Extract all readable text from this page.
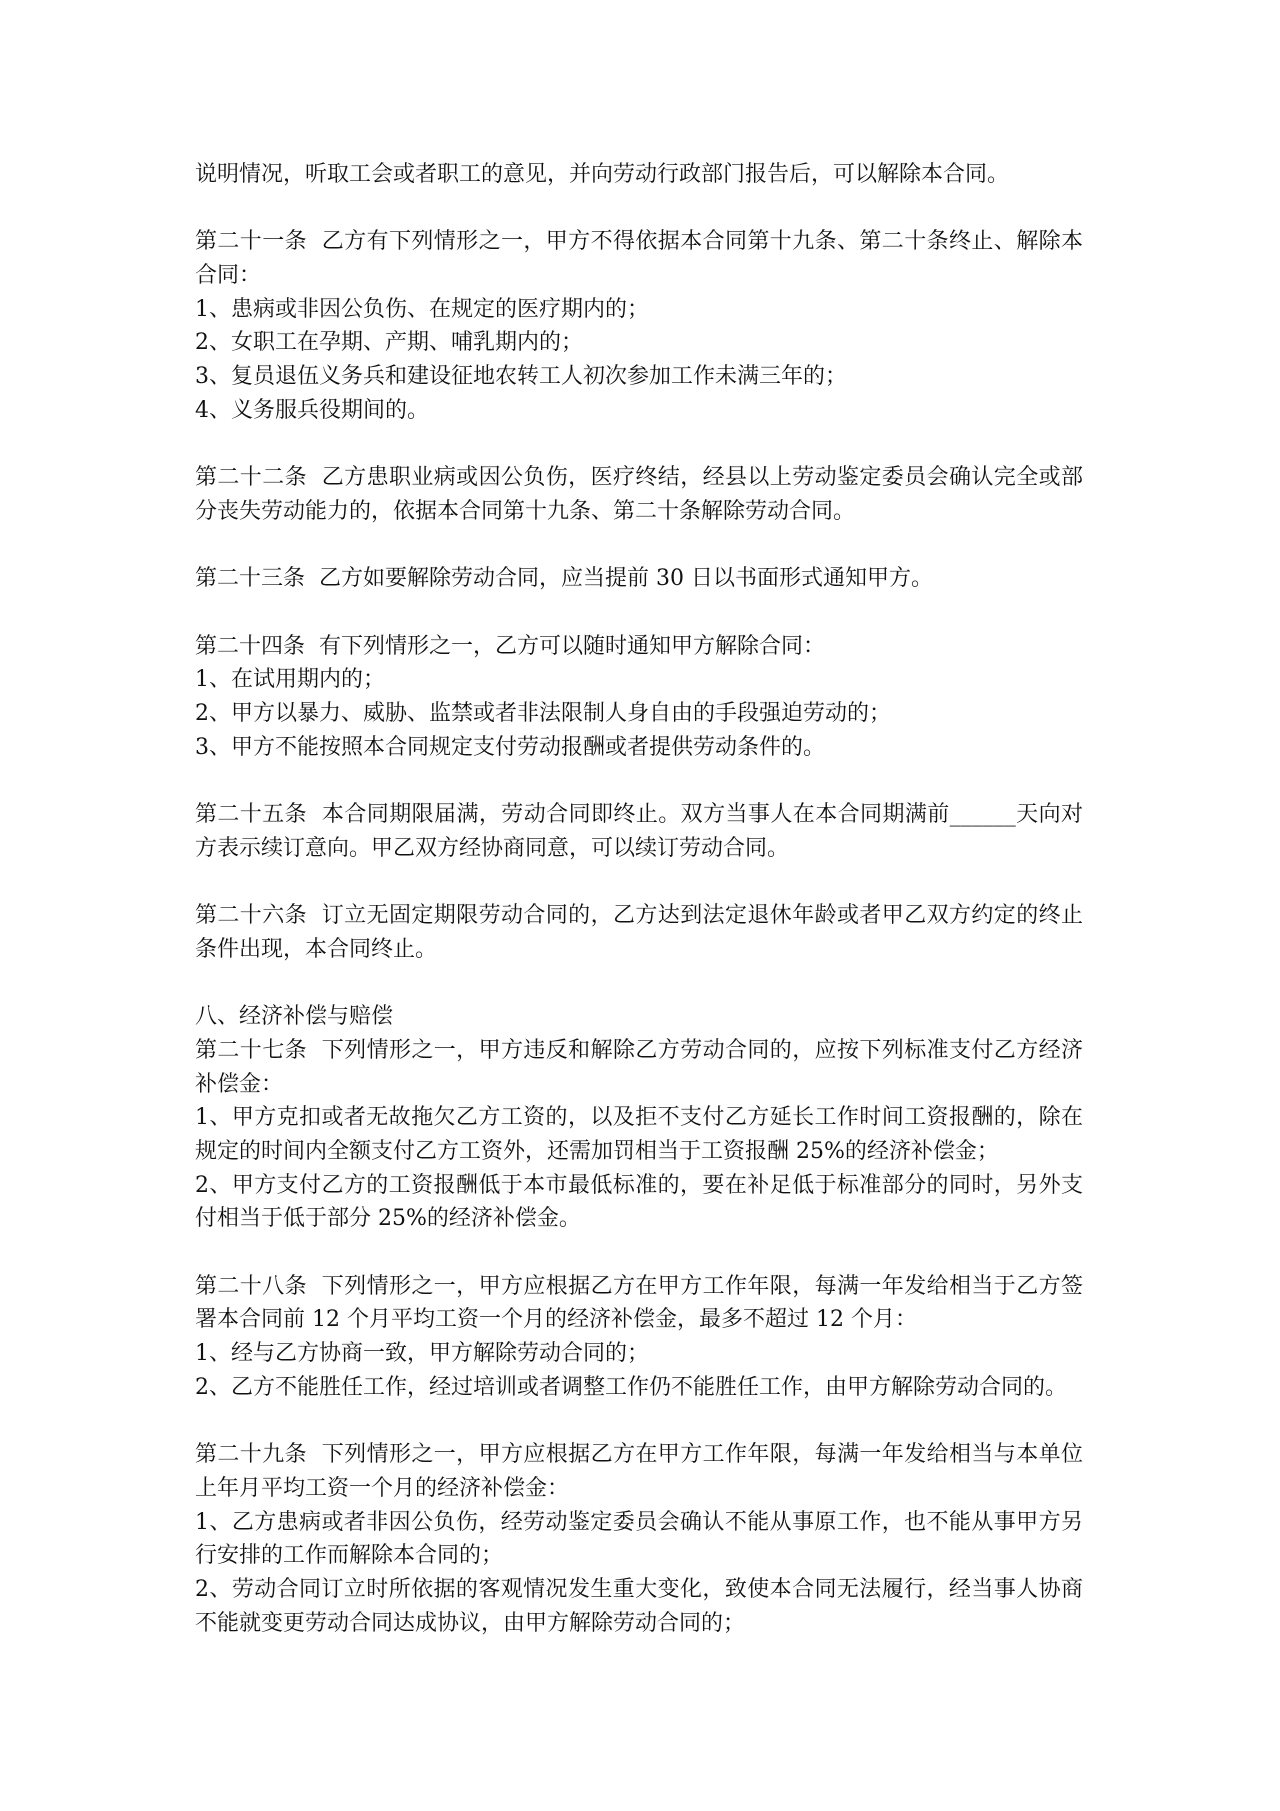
说明情况，听取工会或者职工的意见，并向劳动行政部门报告后，可以解除本合同。
第二十一条  乙方有下列情形之一，甲方不得依据本合同第十九条、第二十条终止、解除本
合同：
1、患病或非因公负伤、在规定的医疗期内的；
2、女职工在孕期、产期、哺乳期内的；
3、复员退伍义务兵和建设征地农转工人初次参加工作未满三年的；
4、义务服兵役期间的。
第二十二条  乙方患职业病或因公负伤，医疗终结，经县以上劳动鉴定委员会确认完全或部
分丧失劳动能力的，依据本合同第十九条、第二十条解除劳动合同。
第二十三条  乙方如要解除劳动合同，应当提前 30 日以书面形式通知甲方。
第二十四条  有下列情形之一，乙方可以随时通知甲方解除合同：
1、在试用期内的；
2、甲方以暴力、威胁、监禁或者非法限制人身自由的手段强迫劳动的；
3、甲方不能按照本合同规定支付劳动报酬或者提供劳动条件的。
第二十五条  本合同期限届满，劳动合同即终止。双方当事人在本合同期满前______天向对
方表示续订意向。甲乙双方经协商同意，可以续订劳动合同。
第二十六条  订立无固定期限劳动合同的，乙方达到法定退休年龄或者甲乙双方约定的终止
条件出现，本合同终止。
八、经济补偿与赔偿
第二十七条  下列情形之一，甲方违反和解除乙方劳动合同的，应按下列标准支付乙方经济
补偿金：
1、甲方克扣或者无故拖欠乙方工资的，以及拒不支付乙方延长工作时间工资报酬的，除在
规定的时间内全额支付乙方工资外，还需加罚相当于工资报酬 25%的经济补偿金；
2、甲方支付乙方的工资报酬低于本市最低标准的，要在补足低于标准部分的同时，另外支
付相当于低于部分 25%的经济补偿金。
第二十八条  下列情形之一，甲方应根据乙方在甲方工作年限，每满一年发给相当于乙方签
署本合同前 12 个月平均工资一个月的经济补偿金，最多不超过 12 个月：
1、经与乙方协商一致，甲方解除劳动合同的；
2、乙方不能胜任工作，经过培训或者调整工作仍不能胜任工作，由甲方解除劳动合同的。
第二十九条  下列情形之一，甲方应根据乙方在甲方工作年限，每满一年发给相当与本单位
上年月平均工资一个月的经济补偿金：
1、乙方患病或者非因公负伤，经劳动鉴定委员会确认不能从事原工作，也不能从事甲方另
行安排的工作而解除本合同的；
2、劳动合同订立时所依据的客观情况发生重大变化，致使本合同无法履行，经当事人协商
不能就变更劳动合同达成协议，由甲方解除劳动合同的；
